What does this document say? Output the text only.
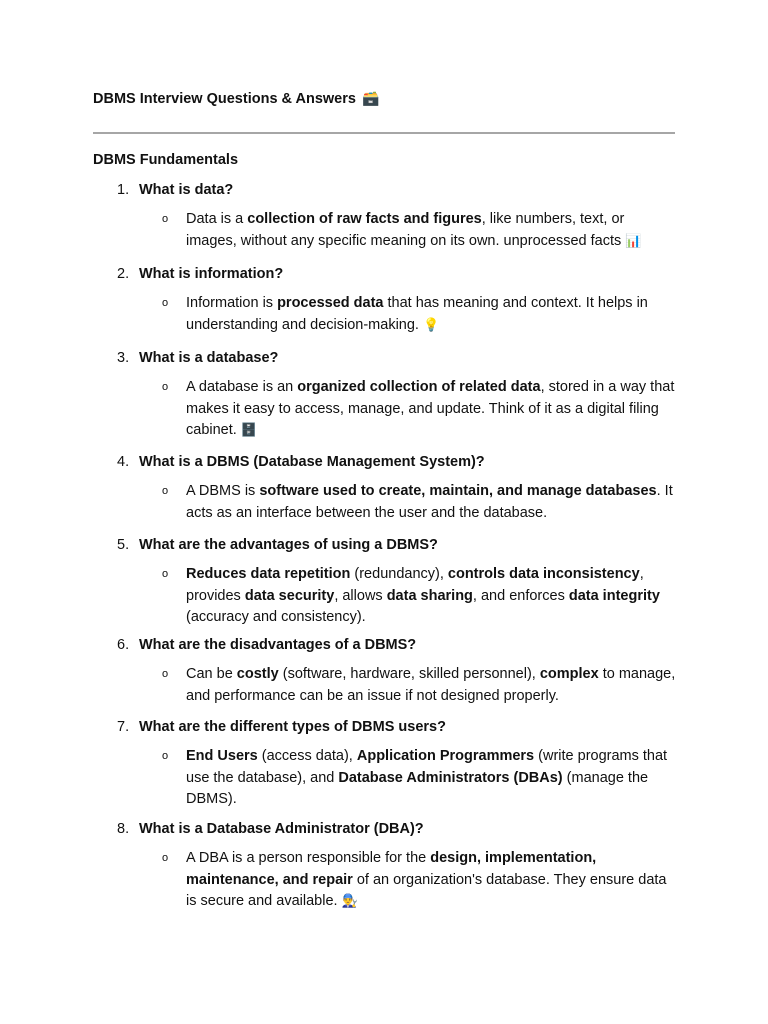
DBMS Interview Questions & Answers 🗃️
DBMS Fundamentals
1. What is data?
o	Data is a collection of raw facts and figures, like numbers, text, or images, without any specific meaning on its own. unprocessed facts 📊
2. What is information?
o	Information is processed data that has meaning and context. It helps in understanding and decision-making. 💡
3. What is a database?
o	A database is an organized collection of related data, stored in a way that makes it easy to access, manage, and update. Think of it as a digital filing cabinet. 🗄️
4. What is a DBMS (Database Management System)?
o	A DBMS is software used to create, maintain, and manage databases. It acts as an interface between the user and the database.
5. What are the advantages of using a DBMS?
o	Reduces data repetition (redundancy), controls data inconsistency, provides data security, allows data sharing, and enforces data integrity (accuracy and consistency).
6. What are the disadvantages of a DBMS?
o	Can be costly (software, hardware, skilled personnel), complex to manage, and performance can be an issue if not designed properly.
7. What are the different types of DBMS users?
o	End Users (access data), Application Programmers (write programs that use the database), and Database Administrators (DBAs) (manage the DBMS).
8. What is a Database Administrator (DBA)?
o	A DBA is a person responsible for the design, implementation, maintenance, and repair of an organization's database. They ensure data is secure and available. 👨‍🔧
